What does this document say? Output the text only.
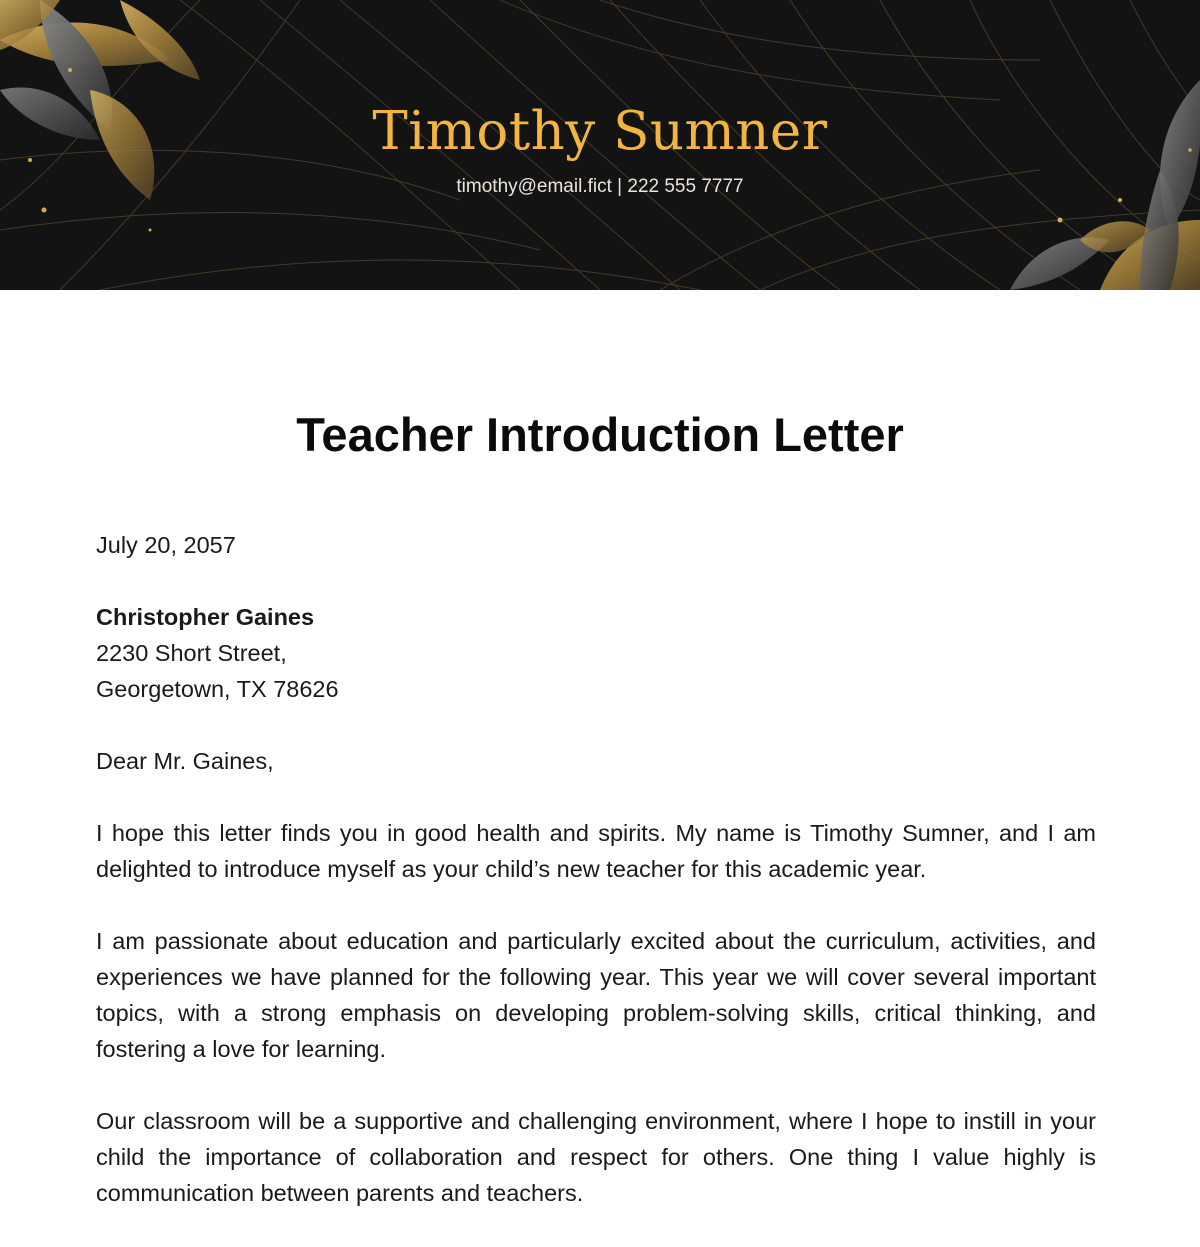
Timothy Sumner
timothy@email.fict | 222 555 7777
Teacher Introduction Letter

July 20, 2057

Christopher Gaines
2230 Short Street,
Georgetown, TX 78626

Dear Mr. Gaines,

I hope this letter finds you in good health and spirits. My name is Timothy Sumner, and I am delighted to introduce myself as your child’s new teacher for this academic year.

I am passionate about education and particularly excited about the curriculum, activities, and experiences we have planned for the following year. This year we will cover several important topics, with a strong emphasis on developing problem-solving skills, critical thinking, and fostering a love for learning.

Our classroom will be a supportive and challenging environment, where I hope to instill in your child the importance of collaboration and respect for others. One thing I value highly is communication between parents and teachers.
